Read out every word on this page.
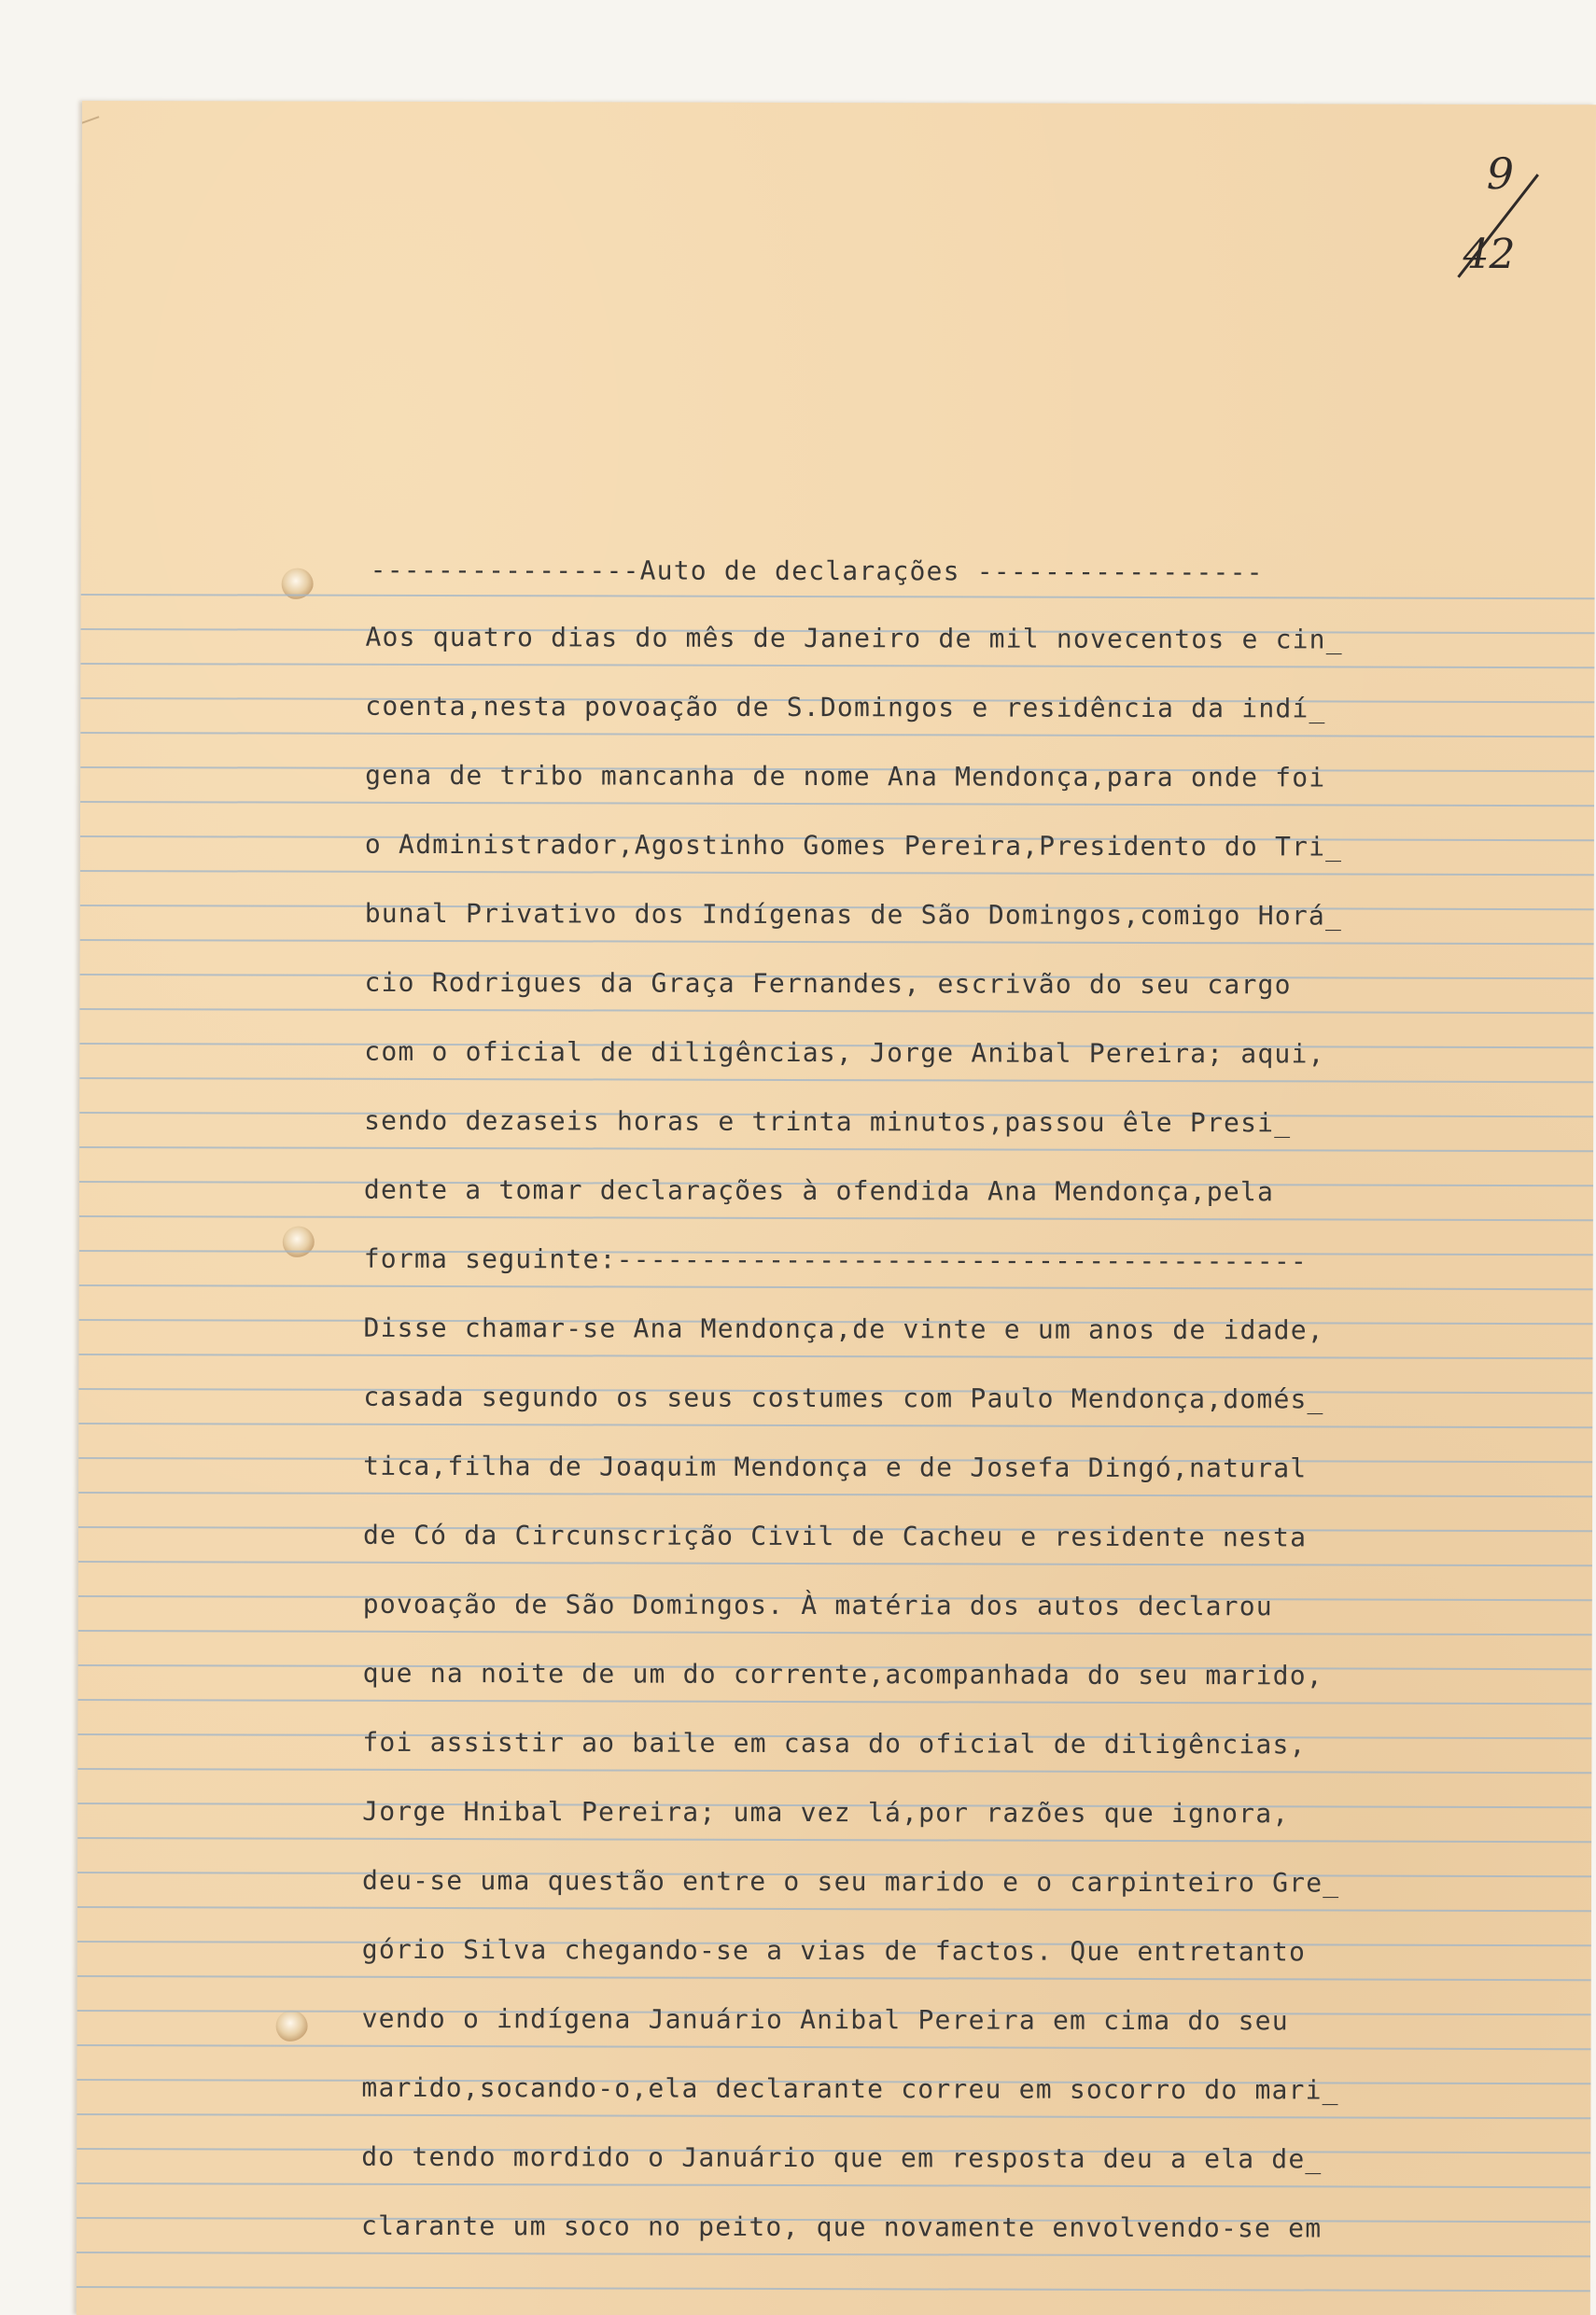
9
42
----------------Auto de declarações -----------------
Aos quatro dias do mês de Janeiro de mil novecentos e cin_
coenta,nesta povoação de S.Domingos e residência da indí_
gena de tribo mancanha de nome Ana Mendonça,para onde foi
o Administrador,Agostinho Gomes Pereira,Presidento do Tri_
bunal Privativo dos Indígenas de São Domingos,comigo Horá_
cio Rodrigues da Graça Fernandes, escrivão do seu cargo
com o oficial de diligências, Jorge Anibal Pereira; aqui,
sendo dezaseis horas e trinta minutos,passou êle Presi_
dente a tomar declarações à ofendida Ana Mendonça,pela
forma seguinte:-----------------------------------------
Disse chamar-se Ana Mendonça,de vinte e um anos de idade,
casada segundo os seus costumes com Paulo Mendonça,domés_
tica,filha de Joaquim Mendonça e de Josefa Dingó,natural
de Có da Circunscrição Civil de Cacheu e residente nesta
povoação de São Domingos. À matéria dos autos declarou
que na noite de um do corrente,acompanhada do seu marido,
foi assistir ao baile em casa do oficial de diligências,
Jorge Hnibal Pereira; uma vez lá,por razões que ignora,
deu-se uma questão entre o seu marido e o carpinteiro Gre_
gório Silva chegando-se a vias de factos. Que entretanto
vendo o indígena Januário Anibal Pereira em cima do seu
marido,socando-o,ela declarante correu em socorro do mari_
do tendo mordido o Januário que em resposta deu a ela de_
clarante um soco no peito, que novamente envolvendo-se em
